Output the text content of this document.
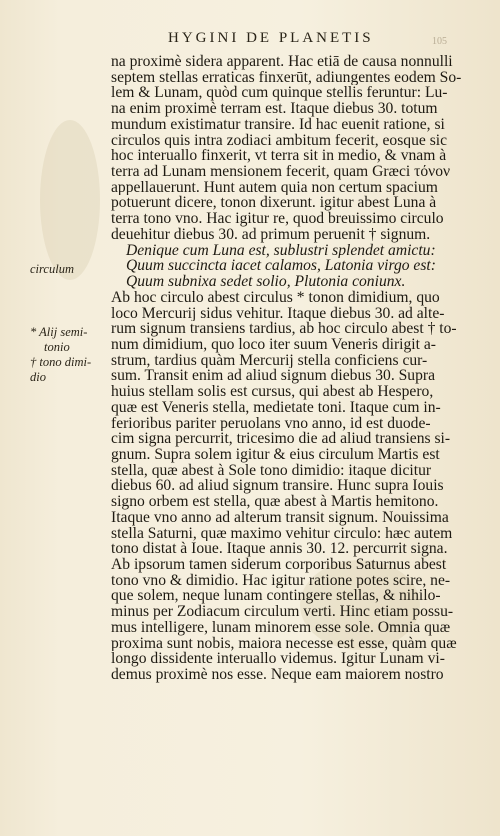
HYGINI DE PLANETIS	105
circulum
* Alij semi-
tonio
† tono dimi-
dio
na proximè sidera apparent. Hac etiā de causa nonnulli
septem stellas erraticas finxerūt, adiungentes eodem So-
lem & Lunam, quòd cum quinque stellis feruntur: Lu-
na enim proximè terram est. Itaque diebus 30. totum
mundum existimatur transire. Id hac euenit ratione, si
circulos quis intra zodiaci ambitum fecerit, eosque sic
hoc interuallo finxerit, vt terra sit in medio, & vnam à
terra ad Lunam mensionem fecerit, quam Græci τόνον
appellauerunt. Hunt autem quia non certum spacium
potuerunt dicere, tonon dixerunt. igitur abest Luna à
terra tono vno. Hac igitur re, quod breuissimo circulo
deuehitur diebus 30. ad primum peruenit † signum.
Denique cum Luna est, sublustri splendet amictu:
Quum succincta iacet calamos, Latonia virgo est:
Quum subnixa sedet solio, Plutonia coniunx.
Ab hoc circulo abest circulus * tonon dimidium, quo
loco Mercurij sidus vehitur. Itaque diebus 30. ad alte-
rum signum transiens tardius, ab hoc circulo abest † to-
num dimidium, quo loco iter suum Veneris dirigit a-
strum, tardius quàm Mercurij stella conficiens cur-
sum. Transit enim ad aliud signum diebus 30. Supra
huius stellam solis est cursus, qui abest ab Hespero,
quæ est Veneris stella, medietate toni. Itaque cum in-
ferioribus pariter peruolans vno anno, id est duode-
cim signa percurrit, tricesimo die ad aliud transiens si-
gnum. Supra solem igitur & eius circulum Martis est
stella, quæ abest à Sole tono dimidio: itaque dicitur
diebus 60. ad aliud signum transire. Hunc supra Iouis
signo orbem est stella, quæ abest à Martis hemitono.
Itaque vno anno ad alterum transit signum. Nouissima
stella Saturni, quæ maximo vehitur circulo: hæc autem
tono distat à Ioue. Itaque annis 30. 12. percurrit signa.
Ab ipsorum tamen siderum corporibus Saturnus abest
tono vno & dimidio. Hac igitur ratione potes scire, ne-
que solem, neque lunam contingere stellas, & nihilo-
minus per Zodiacum circulum verti. Hinc etiam possu-
mus intelligere, lunam minorem esse sole. Omnia quæ
proxima sunt nobis, maiora necesse est esse, quàm quæ
longo dissidente interuallo videmus. Igitur Lunam vi-
demus proximè nos esse. Neque eam maiorem nostro
